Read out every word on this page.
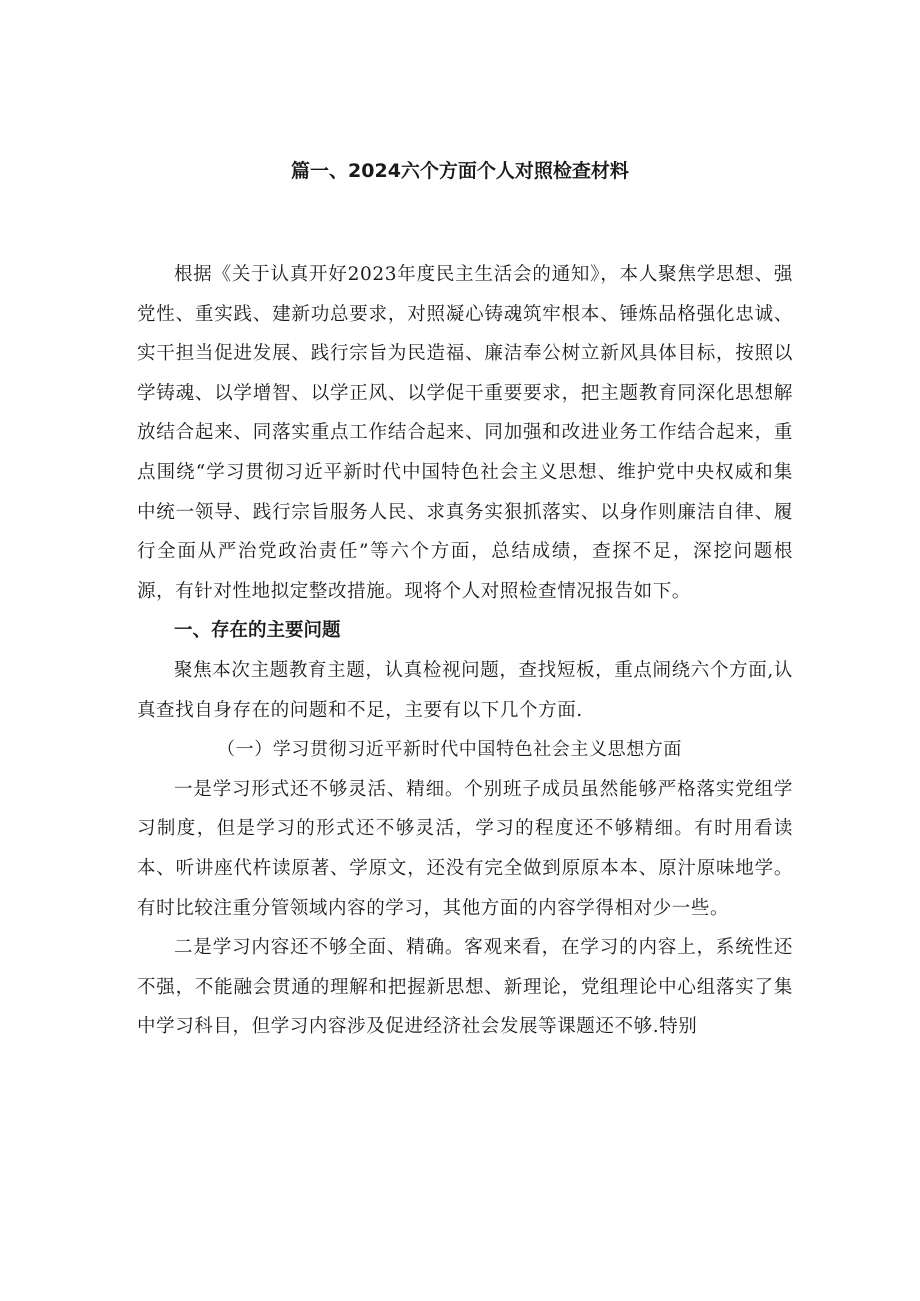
篇一、2024六个方面个人对照检查材料

根据《关于认真开好2023年度民主生活会的通知》，本人聚焦学思想、强党性、重实践、建新功总要求，对照凝心铸魂筑牢根本、锤炼品格强化忠诚、实干担当促进发展、践行宗旨为民造福、廉洁奉公树立新风具体目标，按照以学铸魂、以学增智、以学正风、以学促干重要要求，把主题教育同深化思想解放结合起来、同落实重点工作结合起来、同加强和改进业务工作结合起来，重点围绕“学习贯彻习近平新时代中国特色社会主义思想、维护党中央权威和集中统一领导、践行宗旨服务人民、求真务实狠抓落实、以身作则廉洁自律、履行全面从严治党政治责任”等六个方面，总结成绩，查探不足，深挖问题根源，有针对性地拟定整改措施。现将个人对照检查情况报告如下。

一、存在的主要问题

聚焦本次主题教育主题，认真检视问题，查找短板，重点闹绕六个方面,认真查找自身存在的问题和不足，主要有以下几个方面.

（一）学习贯彻习近平新时代中国特色社会主义思想方面

一是学习形式还不够灵活、精细。个别班子成员虽然能够严格落实党组学习制度，但是学习的形式还不够灵活，学习的程度还不够精细。有时用看读本、听讲座代杵读原著、学原文，还没有完全做到原原本本、原汁原味地学。有时比较注重分管领域内容的学习，其他方面的内容学得相对少一些。

二是学习内容还不够全面、精确。客观来看，在学习的内容上，系统性还不强，不能融会贯通的理解和把握新思想、新理论，党组理论中心组落实了集中学习科目，但学习内容涉及促进经济社会发展等课题还不够.特别
